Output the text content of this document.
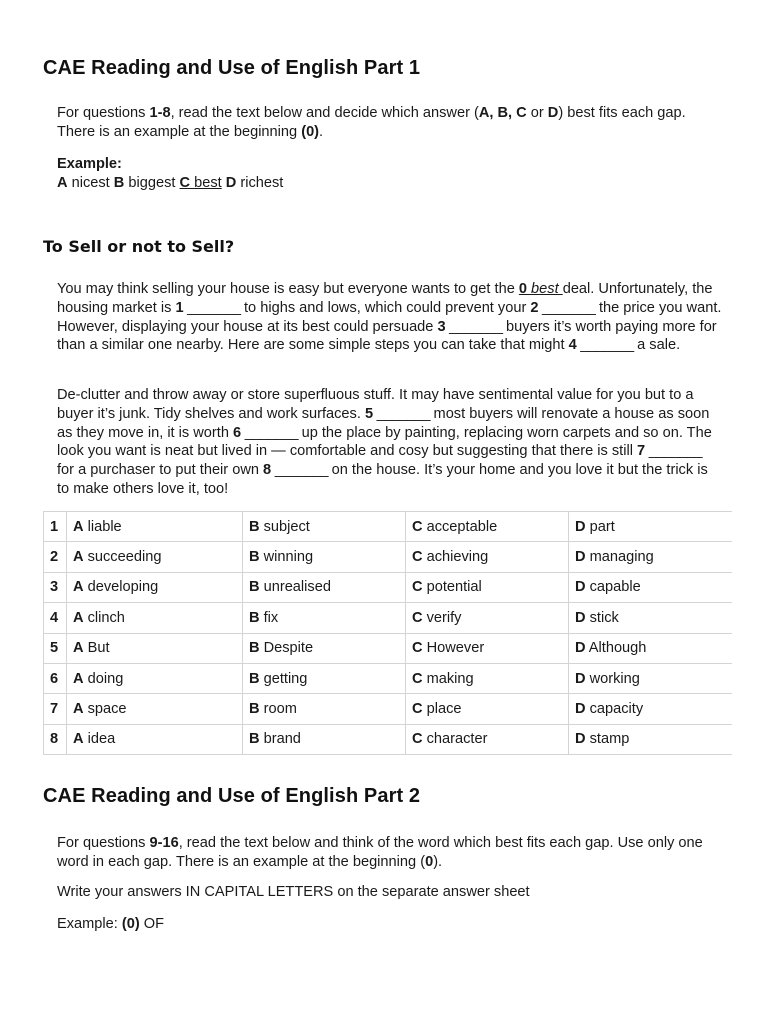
CAE Reading and Use of English Part 1

For questions 1-8, read the text below and decide which answer (A, B, C or D) best fits each gap. There is an example at the beginning (0).

Example:

A nicest B biggest C best D richest

To Sell or not to Sell?

You may think selling your house is easy but everyone wants to get the 0 best deal. Unfortunately, the housing market is 1 _______ to highs and lows, which could prevent your 2 _______ the price you want. However, displaying your house at its best could persuade 3 _______ buyers it’s worth paying more for than a similar one nearby. Here are some simple steps you can take that might 4 _______ a sale.

De-clutter and throw away or store superfluous stuff. It may have sentimental value for you but to a buyer it’s junk. Tidy shelves and work surfaces. 5 _______ most buyers will renovate a house as soon as they move in, it is worth 6 _______ up the place by painting, replacing worn carpets and so on. The look you want is neat but lived in — comfortable and cosy but suggesting that there is still 7 _______ for a purchaser to put their own 8 _______ on the house. It’s your home and you love it but the trick is to make others love it, too!

1	A liable	B subject	C acceptable	D part
2	A succeeding	B winning	C achieving	D managing
3	A developing	B unrealised	C potential	D capable
4	A clinch	B fix	C verify	D stick
5	A But	B Despite	C However	D Although
6	A doing	B getting	C making	D working
7	A space	B room	C place	D capacity
8	A idea	B brand	C character	D stamp
CAE Reading and Use of English Part 2

For questions 9-16, read the text below and think of the word which best fits each gap. Use only one word in each gap. There is an example at the beginning (0).

Write your answers IN CAPITAL LETTERS on the separate answer sheet

Example: (0) OF
